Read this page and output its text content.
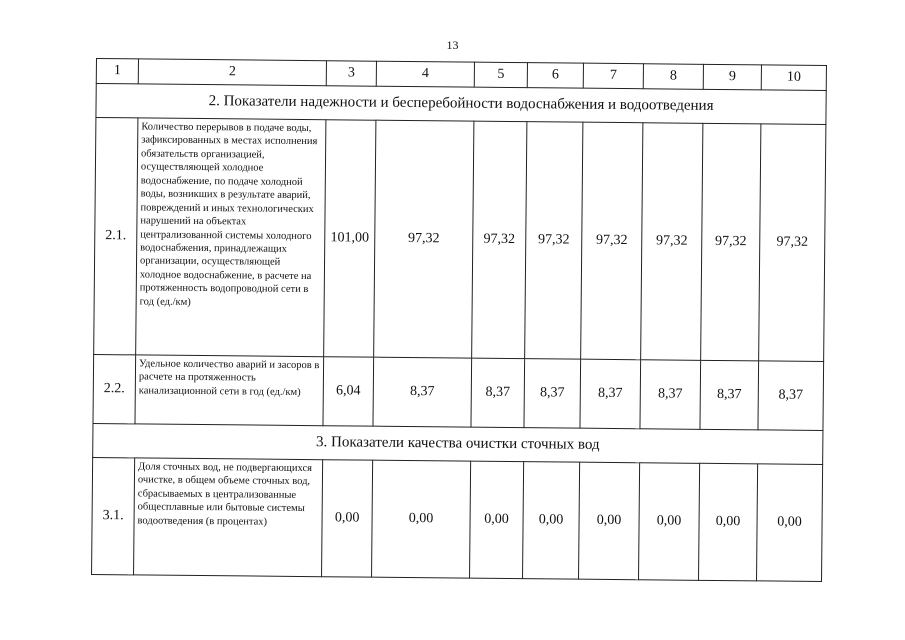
13
1	2	3	4	5	6	7	8	9	10
2. Показатели надежности и бесперебойности водоснабжения и водоотведения									
2.1.	Количество перерывов в подаче воды, зафиксированных в местах исполнения обязательств организацией, осуществляющей холодное водоснабжение, по подаче холодной воды, возникших в результате аварий, повреждений и иных технологических нарушений на объектах централизованной системы холодного водоснабжения, принадлежащих организации, осуществляющей холодное водоснабжение, в расчете на протяженность водопроводной сети в год (ед./км)	101,00	97,32	97,32	97,32	97,32	97,32	97,32	97,32
2.2.	Удельное количество аварий и засоров в расчете на протяженность канализационной сети в год (ед./км)	6,04	8,37	8,37	8,37	8,37	8,37	8,37	8,37
3. Показатели качества очистки сточных вод									
3.1.	Доля сточных вод, не подвергающихся очистке, в общем объеме сточных вод, сбрасываемых в централизованные общесплавные или бытовые системы водоотведения (в процентах)	0,00	0,00	0,00	0,00	0,00	0,00	0,00	0,00
